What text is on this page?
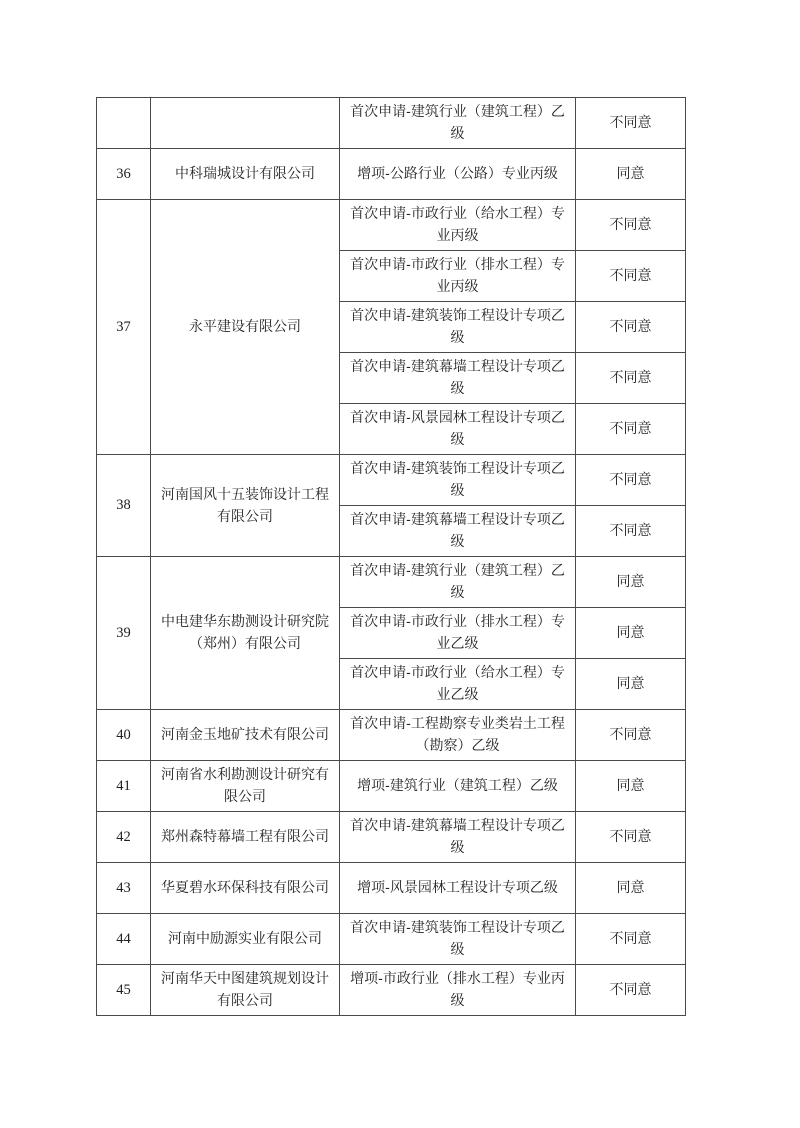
		首次申请-建筑行业（建筑工程）乙级	不同意
36	中科瑞城设计有限公司	增项-公路行业（公路）专业丙级	同意
37	永平建设有限公司	首次申请-市政行业（给水工程）专业丙级	不同意
		首次申请-市政行业（排水工程）专业丙级	不同意
		首次申请-建筑装饰工程设计专项乙级	不同意
		首次申请-建筑幕墙工程设计专项乙级	不同意
		首次申请-风景园林工程设计专项乙级	不同意
38	河南国风十五装饰设计工程有限公司	首次申请-建筑装饰工程设计专项乙级	不同意
		首次申请-建筑幕墙工程设计专项乙级	不同意
39	中电建华东勘测设计研究院（郑州）有限公司	首次申请-建筑行业（建筑工程）乙级	同意
		首次申请-市政行业（排水工程）专业乙级	同意
		首次申请-市政行业（给水工程）专业乙级	同意
40	河南金玉地矿技术有限公司	首次申请-工程勘察专业类岩土工程（勘察）乙级	不同意
41	河南省水利勘测设计研究有限公司	增项-建筑行业（建筑工程）乙级	同意
42	郑州森特幕墙工程有限公司	首次申请-建筑幕墙工程设计专项乙级	不同意
43	华夏碧水环保科技有限公司	增项-风景园林工程设计专项乙级	同意
44	河南中励源实业有限公司	首次申请-建筑装饰工程设计专项乙级	不同意
45	河南华天中图建筑规划设计有限公司	增项-市政行业（排水工程）专业丙级	不同意
